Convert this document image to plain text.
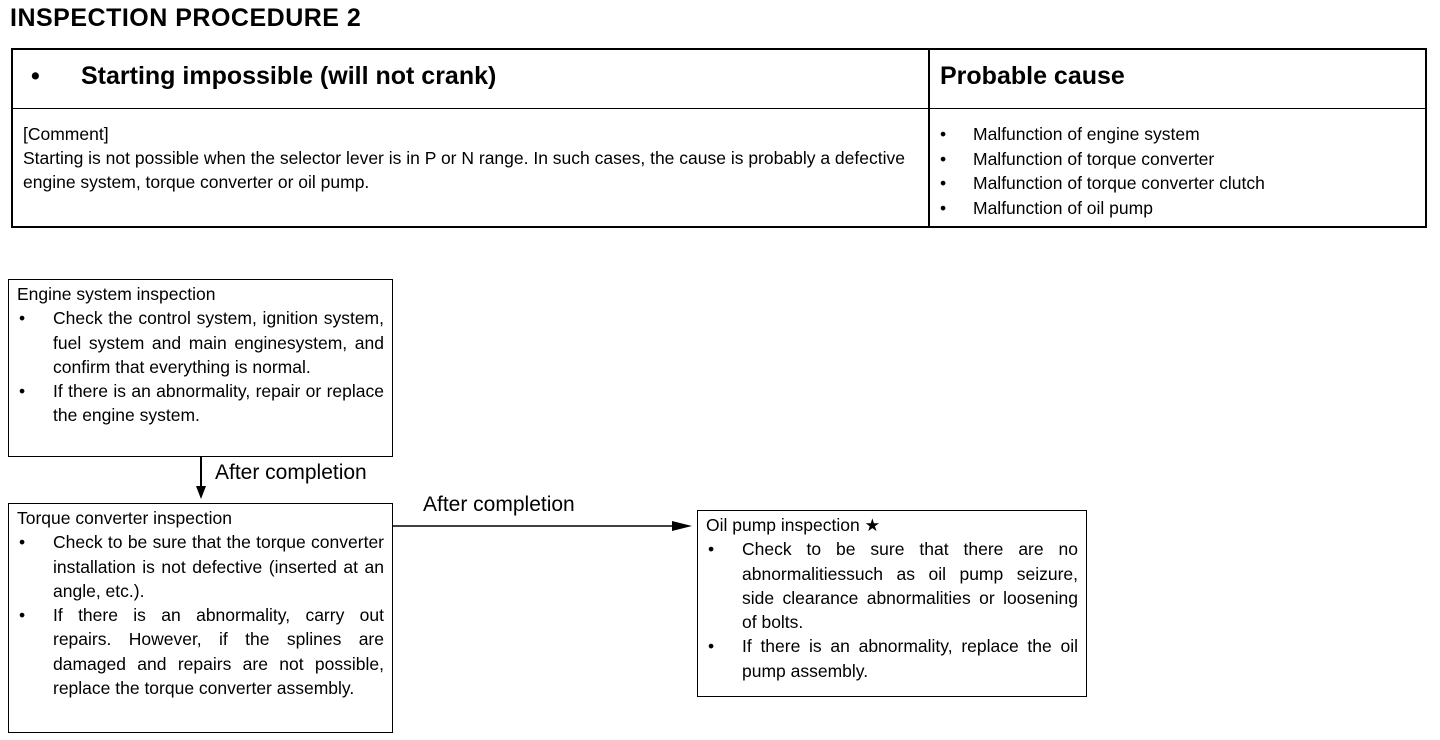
INSPECTION PROCEDURE 2
•	Starting impossible (will not crank)	Probable cause
[Comment]
Starting is not possible when the selector lever is in P or N range. In such cases, the cause is probably a defective engine system, torque converter or oil pump.
•	Malfunction of engine system
•	Malfunction of torque converter
•	Malfunction of torque converter clutch
•	Malfunction of oil pump

Engine system inspection

•	Check the control system, ignition system, fuel system and main enginesystem, and confirm that everything is normal.
•	If there is an abnormality, repair or replace the engine system.
After completion

Torque converter inspection

•	Check to be sure that the torque converter installation is not defective (inserted at an angle, etc.).
•	If there is an abnormality, carry out repairs. However, if the splines are damaged and repairs are not possible, replace the torque converter assembly.
After completion

Oil pump inspection ★

•	Check to be sure that there are no abnormalitiessuch as oil pump seizure, side clearance abnormalities or loosening of bolts.
•	If there is an abnormality, replace the oil pump assembly.
